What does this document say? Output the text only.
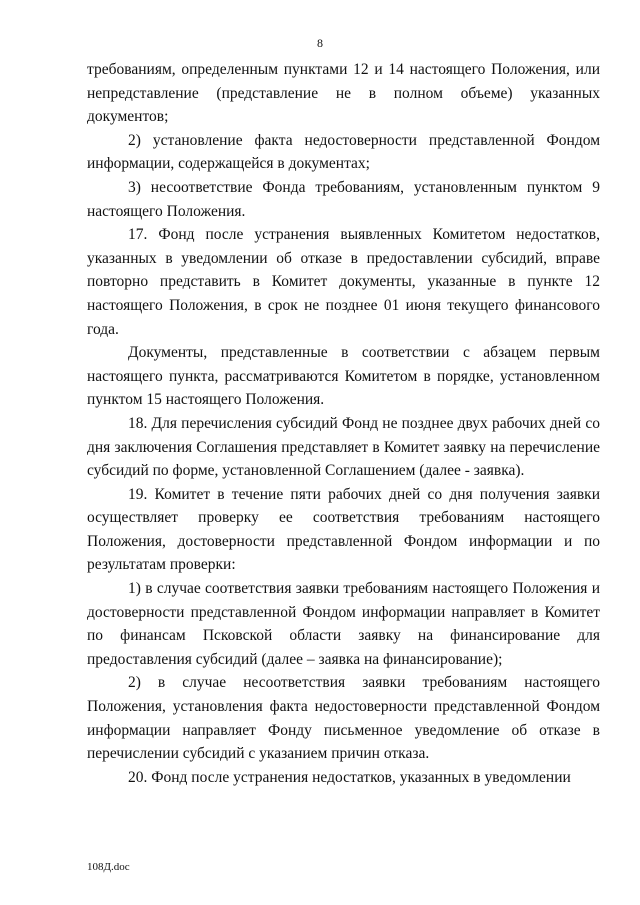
8

требованиям, определенным пунктами 12 и 14 настоящего Положения, или непредставление (представление не в полном объеме) указанных документов;

2) установление факта недостоверности представленной Фондом информации, содержащейся в документах;

3) несоответствие Фонда требованиям, установленным пунктом 9 настоящего Положения.

17. Фонд после устранения выявленных Комитетом недостатков, указанных в уведомлении об отказе в предоставлении субсидий, вправе повторно представить в Комитет документы, указанные в пункте 12 настоящего Положения, в срок не позднее 01 июня текущего финансового года.

Документы, представленные в соответствии с абзацем первым настоящего пункта, рассматриваются Комитетом в порядке, установленном пунктом 15 настоящего Положения.

18. Для перечисления субсидий Фонд не позднее двух рабочих дней со дня заключения Соглашения представляет в Комитет заявку на перечисление субсидий по форме, установленной Соглашением (далее - заявка).

19. Комитет в течение пяти рабочих дней со дня получения заявки осуществляет проверку ее соответствия требованиям настоящего Положения, достоверности представленной Фондом информации и по результатам проверки:

1) в случае соответствия заявки требованиям настоящего Положения и достоверности представленной Фондом информации направляет в Комитет по финансам Псковской области заявку на финансирование для предоставления субсидий (далее – заявка на финансирование);

2) в случае несоответствия заявки требованиям настоящего Положения, установления факта недостоверности представленной Фондом информации направляет Фонду письменное уведомление об отказе в перечислении субсидий с указанием причин отказа.

20. Фонд после устранения недостатков, указанных в уведомлении

108Д.doc
